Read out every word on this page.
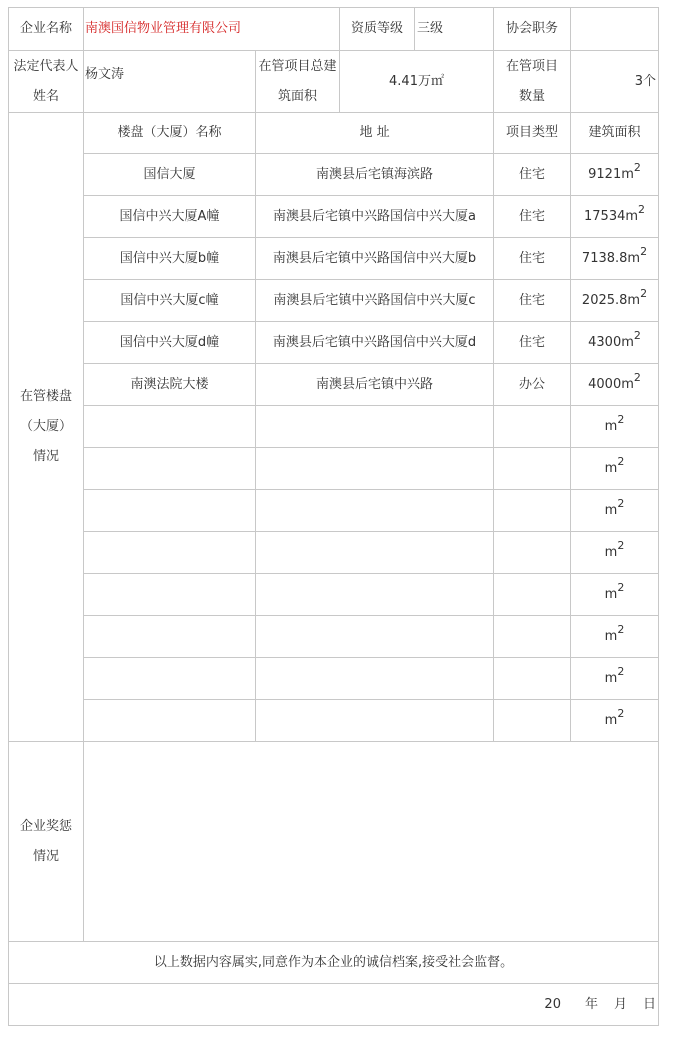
企业名称	南澳国信物业管理有限公司		资质等级 三级	协会职务	

法定代表人姓名	杨文涛	在管项目总建筑面积	4.41万㎡	在管项目数量	3个

在管楼盘（大厦）情况	楼盘（大厦）名称	地 址		项目类型	建筑面积
	国信大厦	南澳县后宅镇海滨路		住宅	$9121m^2$
	国信中兴大厦A幢	南澳县后宅镇中兴路国信中兴大厦a		住宅	$17534m^2$
	国信中兴大厦b幢	南澳县后宅镇中兴路国信中兴大厦b		住宅	$7138.8m^2$
	国信中兴大厦c幢	南澳县后宅镇中兴路国信中兴大厦c		住宅	$2025.8m^2$
	国信中兴大厦d幢	南澳县后宅镇中兴路国信中兴大厦d		住宅	$4300m^2$
	南澳法院大楼	南澳县后宅镇中兴路		办公	$4000m^2$
					$m^2$
					$m^2$
					$m^2$
					$m^2$
					$m^2$
					$m^2$
					$m^2$
					$m^2$

企业奖惩情况					

以上数据内容属实,同意作为本企业的诚信档案,接受社会监督。					
20 年 月 日					
